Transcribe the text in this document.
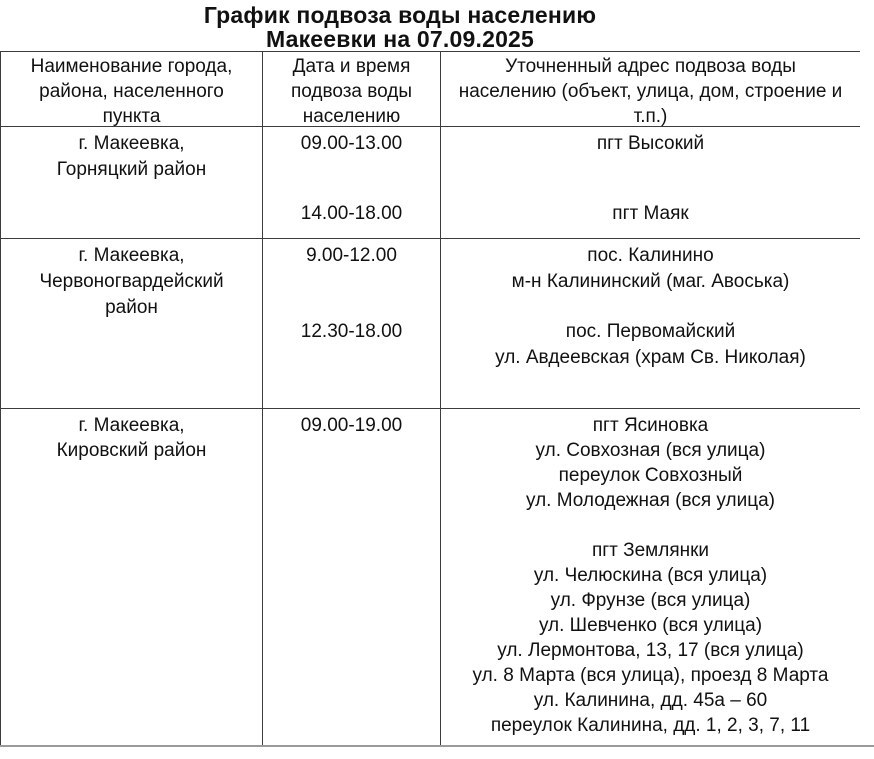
График подвоза воды населению
Макеевки на 07.09.2025
Наименование города,
района, населенного
пункта
Дата и время
подвоза воды
населению
Уточненный адрес подвоза воды
населению (объект, улица, дом, строение и
т.п.)
г. Макеевка,
Горняцкий район
09.00-13.00
14.00-18.00
пгт Высокий
пгт Маяк
г. Макеевка,
Червоногвардейский
район
9.00-12.00
12.30-18.00
пос. Калинино
м-н Калининский (маг. Авоська)
пос. Первомайский
ул. Авдеевская (храм Св. Николая)
г. Макеевка,
Кировский район
09.00-19.00	пгт Ясиновка
ул. Совхозная (вся улица)
переулок Совхозный
ул. Молодежная (вся улица)
пгт Землянки
ул. Челюскина (вся улица)
ул. Фрунзе (вся улица)
ул. Шевченко (вся улица)
ул. Лермонтова, 13, 17 (вся улица)
ул. 8 Марта (вся улица), проезд 8 Марта
ул. Калинина, дд. 45а – 60
переулок Калинина, дд. 1, 2, 3, 7, 11
